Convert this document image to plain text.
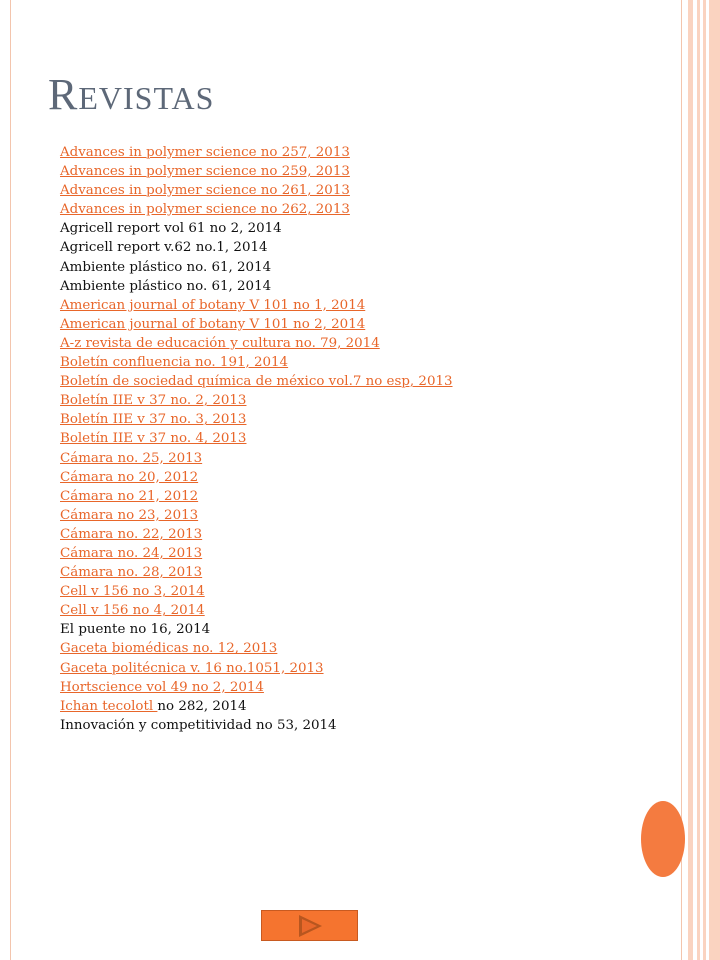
REVISTAS
Advances in polymer science no 257, 2013
Advances in polymer science no 259, 2013
Advances in polymer science no 261, 2013
Advances in polymer science no 262, 2013
Agricell report vol 61 no 2, 2014
Agricell report v.62 no.1, 2014
Ambiente plástico no. 61, 2014
Ambiente plástico no. 61, 2014
American journal of botany V 101 no 1, 2014
American journal of botany V 101 no 2, 2014
A-z revista de educación y cultura no. 79, 2014
Boletín confluencia no. 191, 2014
Boletín de sociedad química de méxico vol.7 no esp, 2013
Boletín IIE v 37 no. 2, 2013
Boletín IIE v 37 no. 3, 2013
Boletín IIE v 37 no. 4, 2013
Cámara no. 25, 2013
Cámara no 20, 2012
Cámara no 21, 2012
Cámara no 23, 2013
Cámara no. 22, 2013
Cámara no. 24, 2013
Cámara no. 28, 2013
Cell v 156 no 3, 2014
Cell v 156 no 4, 2014
El puente no 16, 2014
Gaceta biomédicas no. 12, 2013
Gaceta politécnica v. 16 no.1051, 2013
Hortscience vol 49 no 2, 2014
Ichan tecolotl no 282, 2014
Innovación y competitividad no 53, 2014
